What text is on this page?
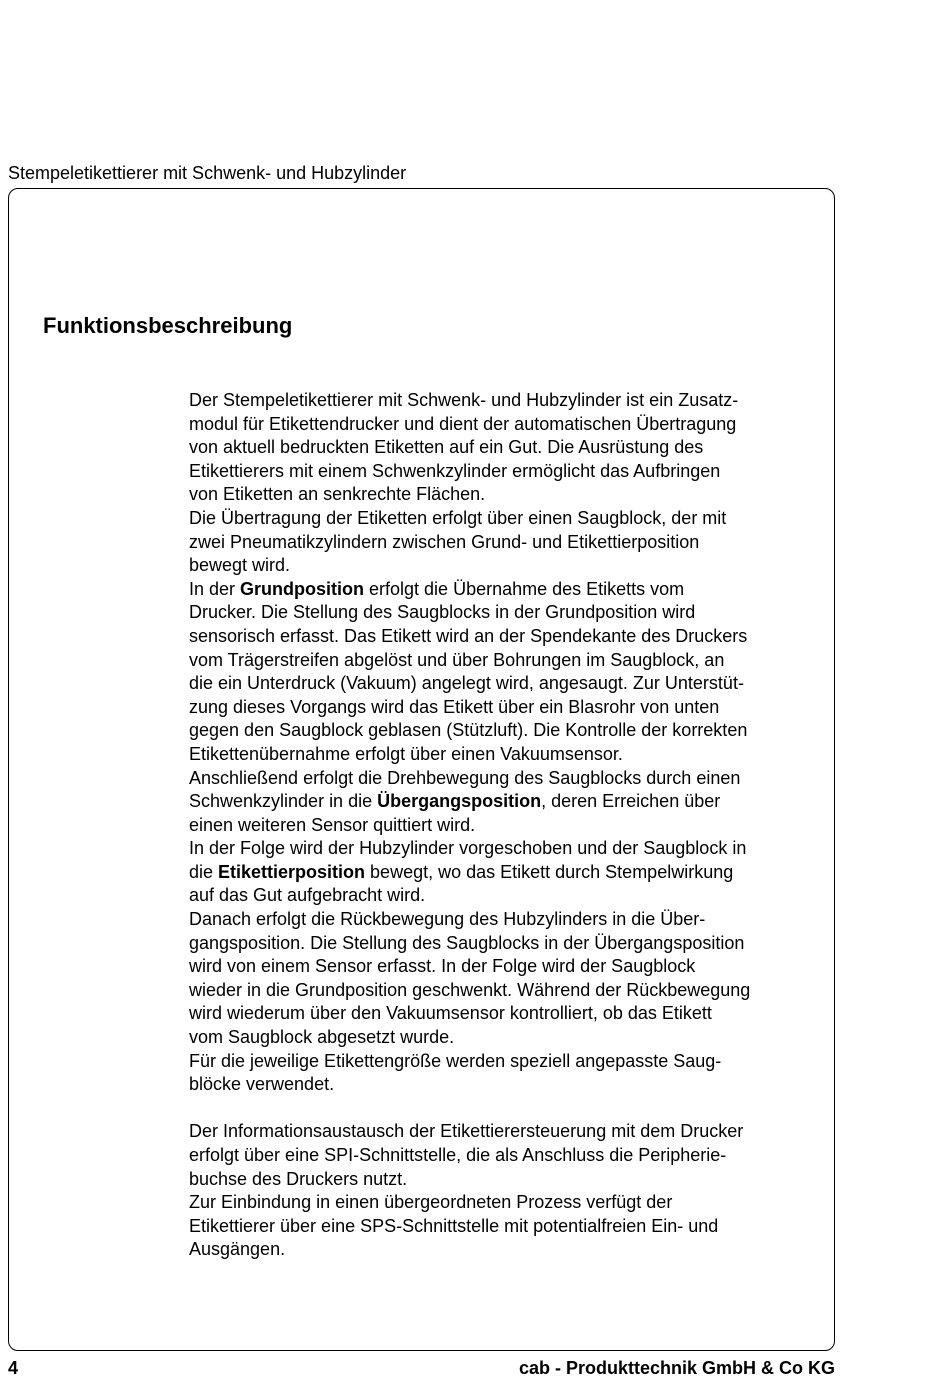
Stempeletikettierer mit Schwenk- und Hubzylinder
Funktionsbeschreibung
Der Stempeletikettierer mit Schwenk- und Hubzylinder ist ein Zusatz-
modul für Etikettendrucker und dient der automatischen Übertragung
von aktuell bedruckten Etiketten auf ein Gut. Die Ausrüstung des
Etikettierers mit einem Schwenkzylinder ermöglicht das Aufbringen
von Etiketten an senkrechte Flächen.
Die Übertragung der Etiketten erfolgt über einen Saugblock, der mit
zwei Pneumatikzylindern zwischen Grund- und Etikettierposition
bewegt wird.
In der Grundposition erfolgt die Übernahme des Etiketts vom
Drucker. Die Stellung des Saugblocks in der Grundposition wird
sensorisch erfasst. Das Etikett wird an der Spendekante des Druckers
vom Trägerstreifen abgelöst und über Bohrungen im Saugblock, an
die ein Unterdruck (Vakuum) angelegt wird, angesaugt. Zur Unterstüt-
zung dieses Vorgangs wird das Etikett über ein Blasrohr von unten
gegen den Saugblock geblasen (Stützluft). Die Kontrolle der korrekten
Etikettenübernahme erfolgt über einen Vakuumsensor.
Anschließend erfolgt die Drehbewegung des Saugblocks durch einen
Schwenkzylinder in die Übergangsposition, deren Erreichen über
einen weiteren Sensor quittiert wird.
In der Folge wird der Hubzylinder vorgeschoben und der Saugblock in
die Etikettierposition bewegt, wo das Etikett durch Stempelwirkung
auf das Gut aufgebracht wird.
Danach erfolgt die Rückbewegung des Hubzylinders in die Über-
gangsposition. Die Stellung des Saugblocks in der Übergangsposition
wird von einem Sensor erfasst. In der Folge wird der Saugblock
wieder in die Grundposition geschwenkt. Während der Rückbewegung
wird wiederum über den Vakuumsensor kontrolliert, ob das Etikett
vom Saugblock abgesetzt wurde.
Für die jeweilige Etikettengröße werden speziell angepasste Saug-
blöcke verwendet.
Der Informationsaustausch der Etikettierersteuerung mit dem Drucker
erfolgt über eine SPI-Schnittstelle, die als Anschluss die Peripherie-
buchse des Druckers nutzt.
Zur Einbindung in einen übergeordneten Prozess verfügt der
Etikettierer über eine SPS-Schnittstelle mit potentialfreien Ein- und
Ausgängen.
4	cab - Produkttechnik GmbH & Co KG
